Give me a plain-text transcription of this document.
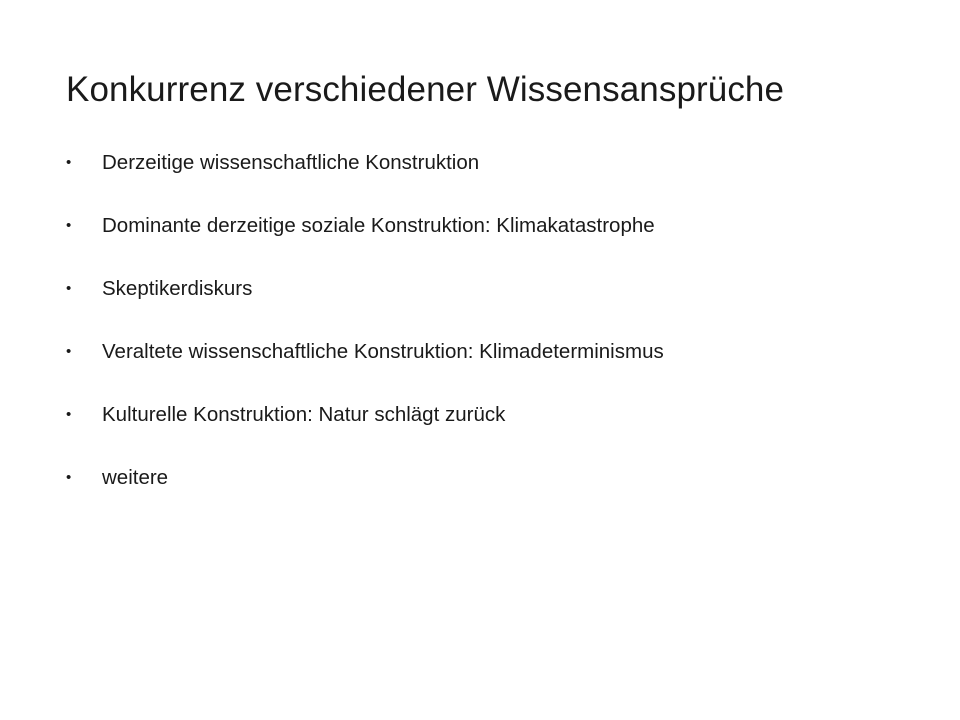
Konkurrenz verschiedener Wissensansprüche
•	Derzeitige wissenschaftliche Konstruktion
•	Dominante derzeitige soziale Konstruktion: Klimakatastrophe
•	Skeptikerdiskurs
•	Veraltete wissenschaftliche Konstruktion: Klimadeterminismus
•	Kulturelle Konstruktion: Natur schlägt zurück
•	weitere
